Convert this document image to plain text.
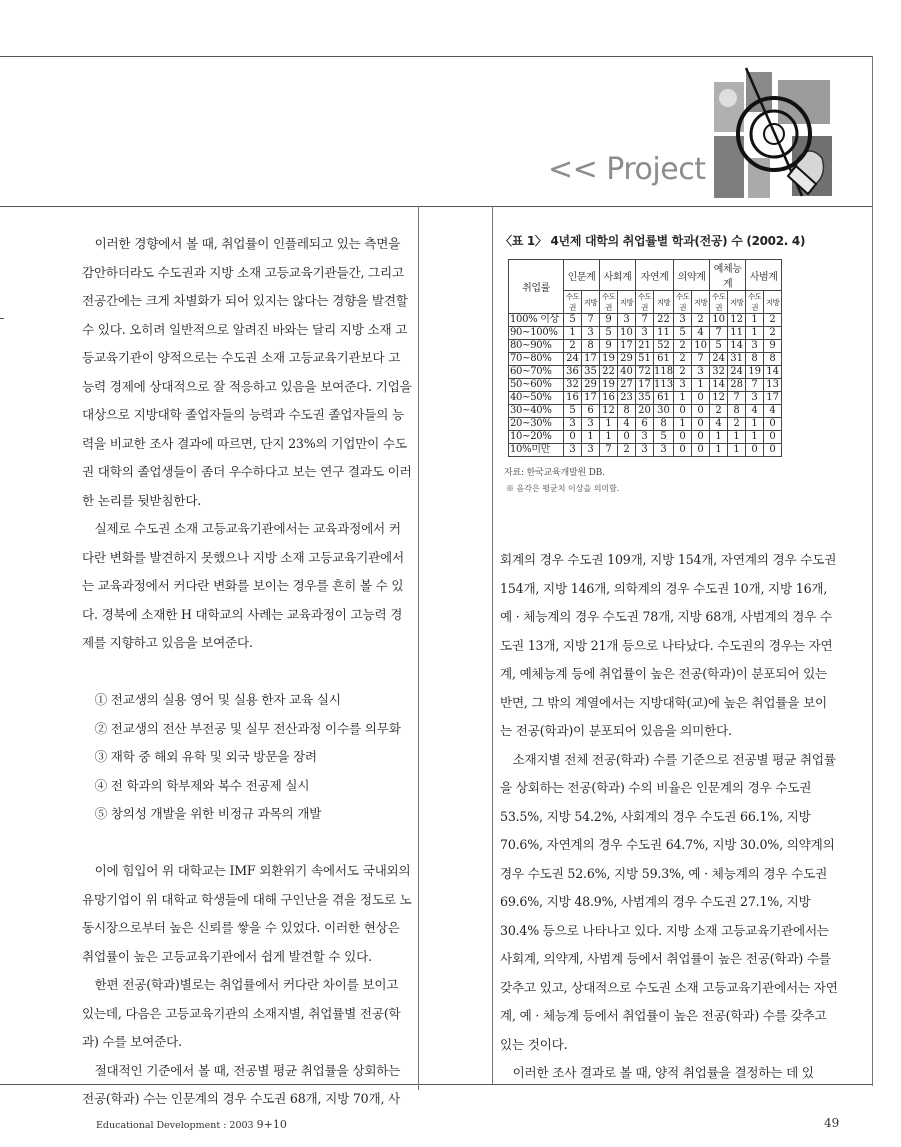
<< Project

이러한 경향에서 볼 때, 취업률이 인플레되고 있는 측면을 감안하더라도 수도권과 지방 소재 고등교육기관들간, 그리고 전공간에는 크게 차별화가 되어 있지는 않다는 경향을 발견할 수 있다. 오히려 일반적으로 알려진 바와는 달리 지방 소재 고등교육기관이 양적으로는 수도권 소재 고등교육기관보다 고능력 경제에 상대적으로 잘 적응하고 있음을 보여준다. 기업을 대상으로 지방대학 졸업자들의 능력과 수도권 졸업자들의 능력을 비교한 조사 결과에 따르면, 단지 23%의 기업만이 수도권 대학의 졸업생들이 좀더 우수하다고 보는 연구 결과도 이러한 논리를 뒷받침한다.

실제로 수도권 소재 고등교육기관에서는 교육과정에서 커다란 변화를 발견하지 못했으나 지방 소재 고등교육기관에서는 교육과정에서 커다란 변화를 보이는 경우를 흔히 볼 수 있다. 경북에 소재한 H 대학교의 사례는 교육과정이 고능력 경제를 지향하고 있음을 보여준다.

① 전교생의 실용 영어 및 실용 한자 교육 실시

② 전교생의 전산 부전공 및 실무 전산과정 이수를 의무화

③ 재학 중 해외 유학 및 외국 방문을 장려

④ 전 학과의 학부제와 복수 전공제 실시

⑤ 창의성 개발을 위한 비정규 과목의 개발

이에 힘입어 위 대학교는 IMF 외환위기 속에서도 국내외의 유망기업이 위 대학교 학생들에 대해 구인난을 겪을 정도로 노동시장으로부터 높은 신뢰를 쌓을 수 있었다. 이러한 현상은 취업률이 높은 고등교육기관에서 쉽게 발견할 수 있다.

한편 전공(학과)별로는 취업률에서 커다란 차이를 보이고 있는데, 다음은 고등교육기관의 소재지별, 취업률별 전공(학과) 수를 보여준다.

절대적인 기준에서 볼 때, 전공별 평균 취업률을 상회하는 전공(학과) 수는 인문계의 경우 수도권 68개, 지방 70개, 사

〈표 1〉 4년제 대학의 취업률별 학과(전공) 수 (2002. 4)
취업률	인문계		사회계		자연계		의약계		예체능계		사범계	
	수도권	지방	수도권	지방	수도권	지방	수도권	지방	수도권	지방	수도권	지방
100% 이상	5	7	9	3	7	22	3	2	10	12	1	2
90~100%	1	3	5	10	3	11	5	4	7	11	1	2
80~90%	2	8	9	17	21	52	2	10	5	14	3	9
70~80%	24	17	19	29	51	61	2	7	24	31	8	8
60~70%	36	35	22	40	72	118	2	3	32	24	19	14
50~60%	32	29	19	27	17	113	3	1	14	28	7	13
40~50%	16	17	16	23	35	61	1	0	12	7	3	17
30~40%	5	6	12	8	20	30	0	0	2	8	4	4
20~30%	3	3	1	4	6	8	1	0	4	2	1	0
10~20%	0	1	1	0	3	5	0	0	1	1	1	0
10%미만	3	3	7	2	3	3	0	0	1	1	0	0
자료: 한국교육개발원 DB.
※ 음각은 평균치 이상을 의미함.

회계의 경우 수도권 109개, 지방 154개, 자연계의 경우 수도권 154개, 지방 146개, 의학계의 경우 수도권 10개, 지방 16개, 예 · 체능계의 경우 수도권 78개, 지방 68개, 사범계의 경우 수도권 13개, 지방 21개 등으로 나타났다. 수도권의 경우는 자연계, 예체능계 등에 취업률이 높은 전공(학과)이 분포되어 있는 반면, 그 밖의 계열에서는 지방대학(교)에 높은 취업률을 보이는 전공(학과)이 분포되어 있음을 의미한다.

소재지별 전체 전공(학과) 수를 기준으로 전공별 평균 취업률을 상회하는 전공(학과) 수의 비율은 인문계의 경우 수도권 53.5%, 지방 54.2%, 사회계의 경우 수도권 66.1%, 지방 70.6%, 자연계의 경우 수도권 64.7%, 지방 30.0%, 의약계의 경우 수도권 52.6%, 지방 59.3%, 예 · 체능계의 경우 수도권 69.6%, 지방 48.9%, 사범계의 경우 수도권 27.1%, 지방 30.4% 등으로 나타나고 있다. 지방 소재 고등교육기관에서는 사회계, 의약계, 사범계 등에서 취업률이 높은 전공(학과) 수를 갖추고 있고, 상대적으로 수도권 소재 고등교육기관에서는 자연계, 예 · 체능계 등에서 취업률이 높은 전공(학과) 수를 갖추고 있는 것이다.

이러한 조사 결과로 볼 때, 양적 취업률을 결정하는 데 있

Educational Development : 2003 9+10	49
